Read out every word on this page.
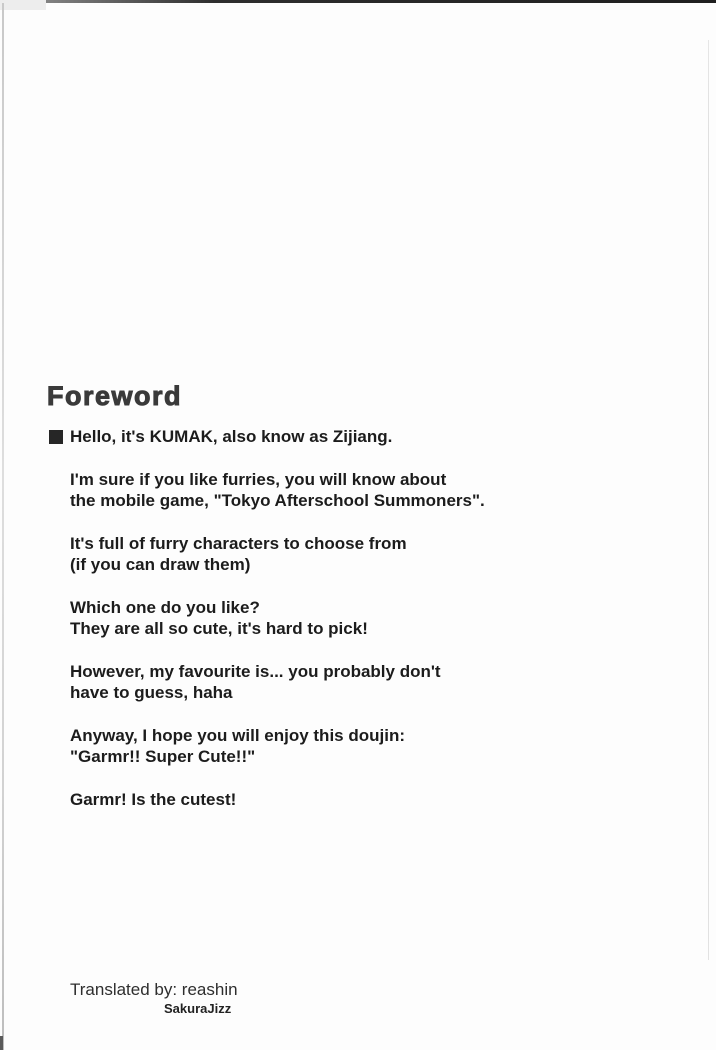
Foreword
Hello, it's KUMAK, also know as Zijiang.
I'm sure if you like furries, you will know about
the mobile game, "Tokyo Afterschool Summoners".
It's full of furry characters to choose from
(if you can draw them)
Which one do you like?
They are all so cute, it's hard to pick!
However, my favourite is... you probably don't
have to guess, haha
Anyway, I hope you will enjoy this doujin:
"Garmr!! Super Cute!!"
Garmr! Is the cutest!
Translated by: reashin
SakuraJizz
